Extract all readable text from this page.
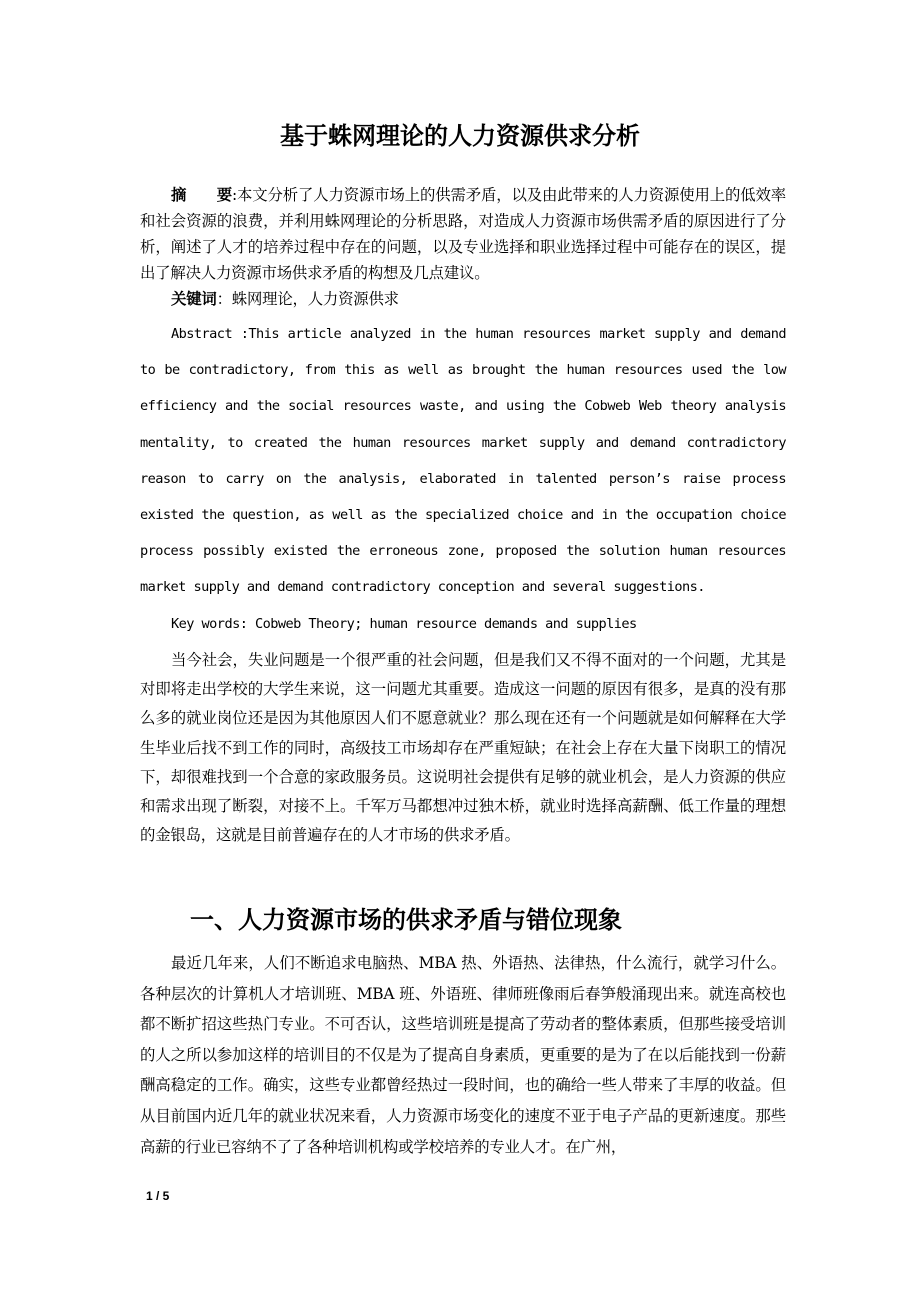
基于蛛网理论的人力资源供求分析

摘　　要:本文分析了人力资源市场上的供需矛盾，以及由此带来的人力资源使用上的低效率和社会资源的浪费，并利用蛛网理论的分析思路，对造成人力资源市场供需矛盾的原因进行了分析，阐述了人才的培养过程中存在的问题，以及专业选择和职业选择过程中可能存在的误区，提出了解决人力资源市场供求矛盾的构想及几点建议。

关键词：蛛网理论，人力资源供求

Abstract :This article analyzed in the human resources market supply and demand to be contradictory, from this as well as brought the human resources used the low efficiency and the social resources waste, and using the Cobweb Web theory analysis mentality, to created the human resources market supply and demand contradictory reason to carry on the analysis, elaborated in talented person’s raise process existed the question, as well as the specialized choice and in the occupation choice process possibly existed the erroneous zone, proposed the solution human resources market supply and demand contradictory conception and several suggestions.

Key words: Cobweb Theory; human resource demands and supplies

当今社会，失业问题是一个很严重的社会问题，但是我们又不得不面对的一个问题，尤其是对即将走出学校的大学生来说，这一问题尤其重要。造成这一问题的原因有很多，是真的没有那么多的就业岗位还是因为其他原因人们不愿意就业？那么现在还有一个问题就是如何解释在大学生毕业后找不到工作的同时，高级技工市场却存在严重短缺；在社会上存在大量下岗职工的情况下，却很难找到一个合意的家政服务员。这说明社会提供有足够的就业机会，是人力资源的供应和需求出现了断裂，对接不上。千军万马都想冲过独木桥，就业时选择高薪酬、低工作量的理想的金银岛，这就是目前普遍存在的人才市场的供求矛盾。

一、人力资源市场的供求矛盾与错位现象

最近几年来，人们不断追求电脑热、MBA 热、外语热、法律热，什么流行，就学习什么。各种层次的计算机人才培训班、MBA 班、外语班、律师班像雨后春笋般涌现出来。就连高校也都不断扩招这些热门专业。不可否认，这些培训班是提高了劳动者的整体素质，但那些接受培训的人之所以参加这样的培训目的不仅是为了提高自身素质，更重要的是为了在以后能找到一份薪酬高稳定的工作。确实，这些专业都曾经热过一段时间，也的确给一些人带来了丰厚的收益。但从目前国内近几年的就业状况来看，人力资源市场变化的速度不亚于电子产品的更新速度。那些高薪的行业已容纳不了了各种培训机构或学校培养的专业人才。在广州，

1 / 5
